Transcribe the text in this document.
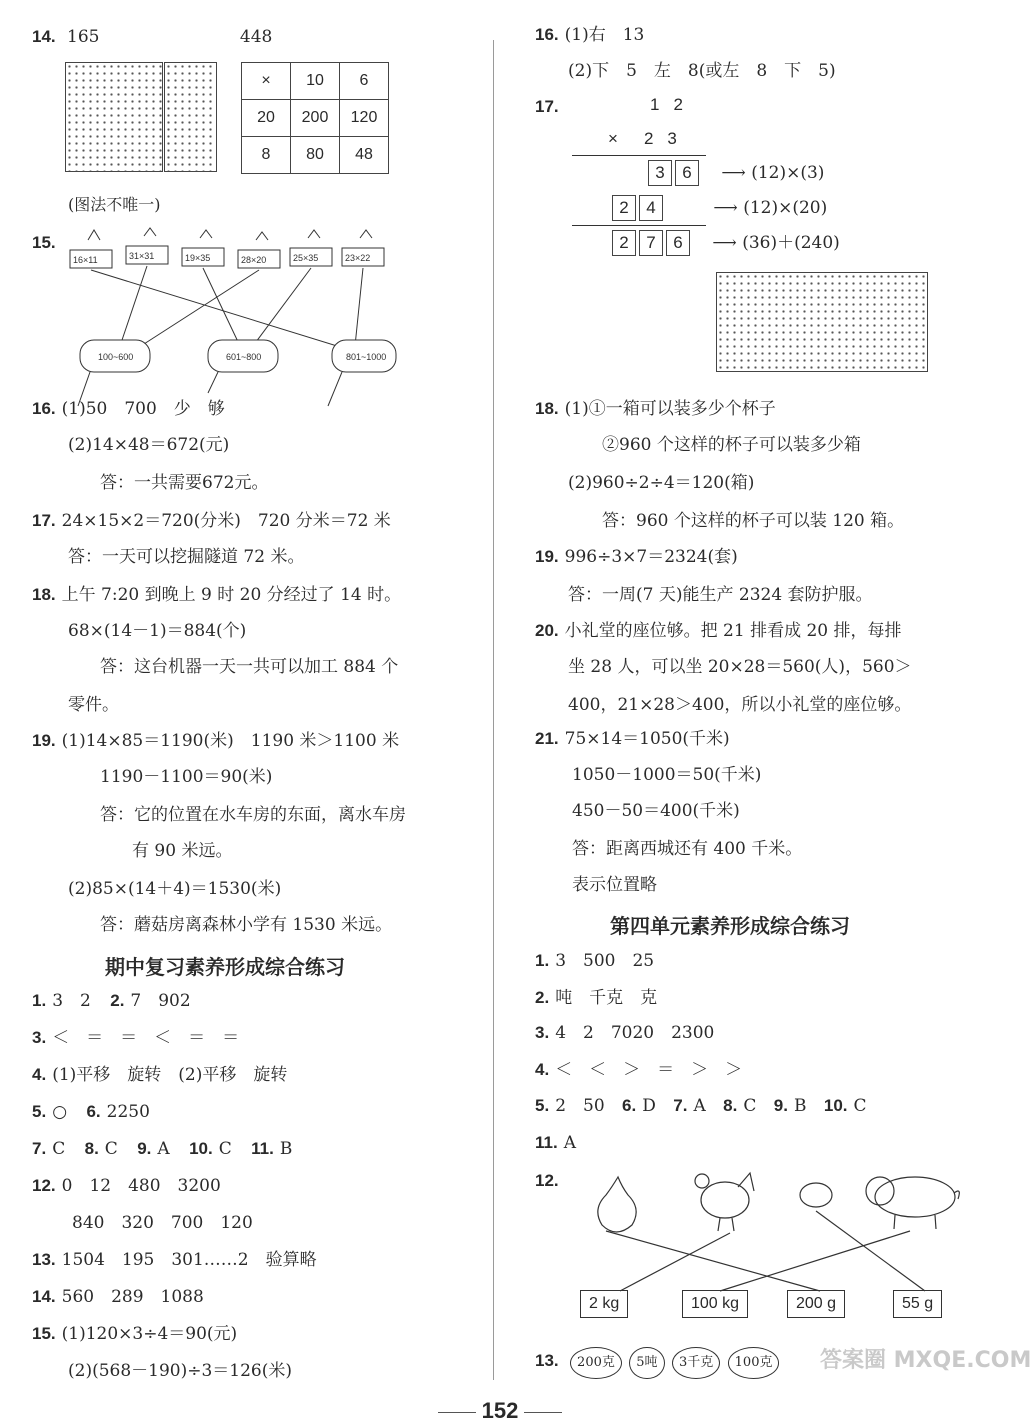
14. 165	448
×	10	6
20	200	120
8	80	48
(图法不唯一)
15.
16×11	31×31	19×35	28×20	25×35	23×22
100~600	601~800	801~1000
16. (1)50　700　少　够
(2)14×48＝672(元)
答：一共需要672元。
17. 24×15×2＝720(分米)　720 分米＝72 米
答：一天可以挖掘隧道 72 米。
18. 上午 7:20 到晚上 9 时 20 分经过了 14 时。
68×(14－1)＝884(个)
答：这台机器一天一共可以加工 884 个
零件。
19. (1)14×85＝1190(米)　1190 米＞1100 米
1190－1100＝90(米)
答：它的位置在水车房的东面，离水车房
有 90 米远。
(2)85×(14＋4)＝1530(米)
答：蘑菇房离森林小学有 1530 米远。
期中复习素养形成综合练习
1. 3　2 2. 7　902
3. ＜　＝　＝　＜　＝　＝
4. (1)平移　旋转　(2)平移　旋转
5. ○ 6. 2250
7. C 8. C 9. A 10. C 11. B
12. 0　12　480　3200
840　320　700　120
13. 1504　195　301……2　验算略
14. 560　289　1088
15. (1)120×3÷4＝90(元)
(2)(568－190)÷3＝126(米)
16. (1)右　13
(2)下　5　左　8(或左　8　下　5)
17.	12
× 23
3 6 ⟶ (12)×(3)
2 4	⟶ (12)×(20)
2 7 6 ⟶ (36)＋(240)
18. (1)①一箱可以装多少个杯子
②960 个这样的杯子可以装多少箱
(2)960÷2÷4＝120(箱)
答：960 个这样的杯子可以装 120 箱。
19. 996÷3×7＝2324(套)
答：一周(7 天)能生产 2324 套防护服。
20. 小礼堂的座位够。把 21 排看成 20 排，每排
坐 28 人，可以坐 20×28＝560(人)，560＞
400，21×28＞400，所以小礼堂的座位够。
21. 75×14＝1050(千米)
1050－1000＝50(千米)
450－50＝400(千米)
答：距离西城还有 400 千米。
表示位置略
第四单元素养形成综合练习
1. 3　500　25
2. 吨　千克　克
3. 4　2　7020　2300
4. ＜　＜　＞　＝　＞　＞
5. 2　50 6. D 7. A 8. C 9. B 10. C
11. A
12.
2 kg	100 kg	200 g	55 g
13. 200克 5吨 3千克 100克	答案圈 MXQE.COM
152
